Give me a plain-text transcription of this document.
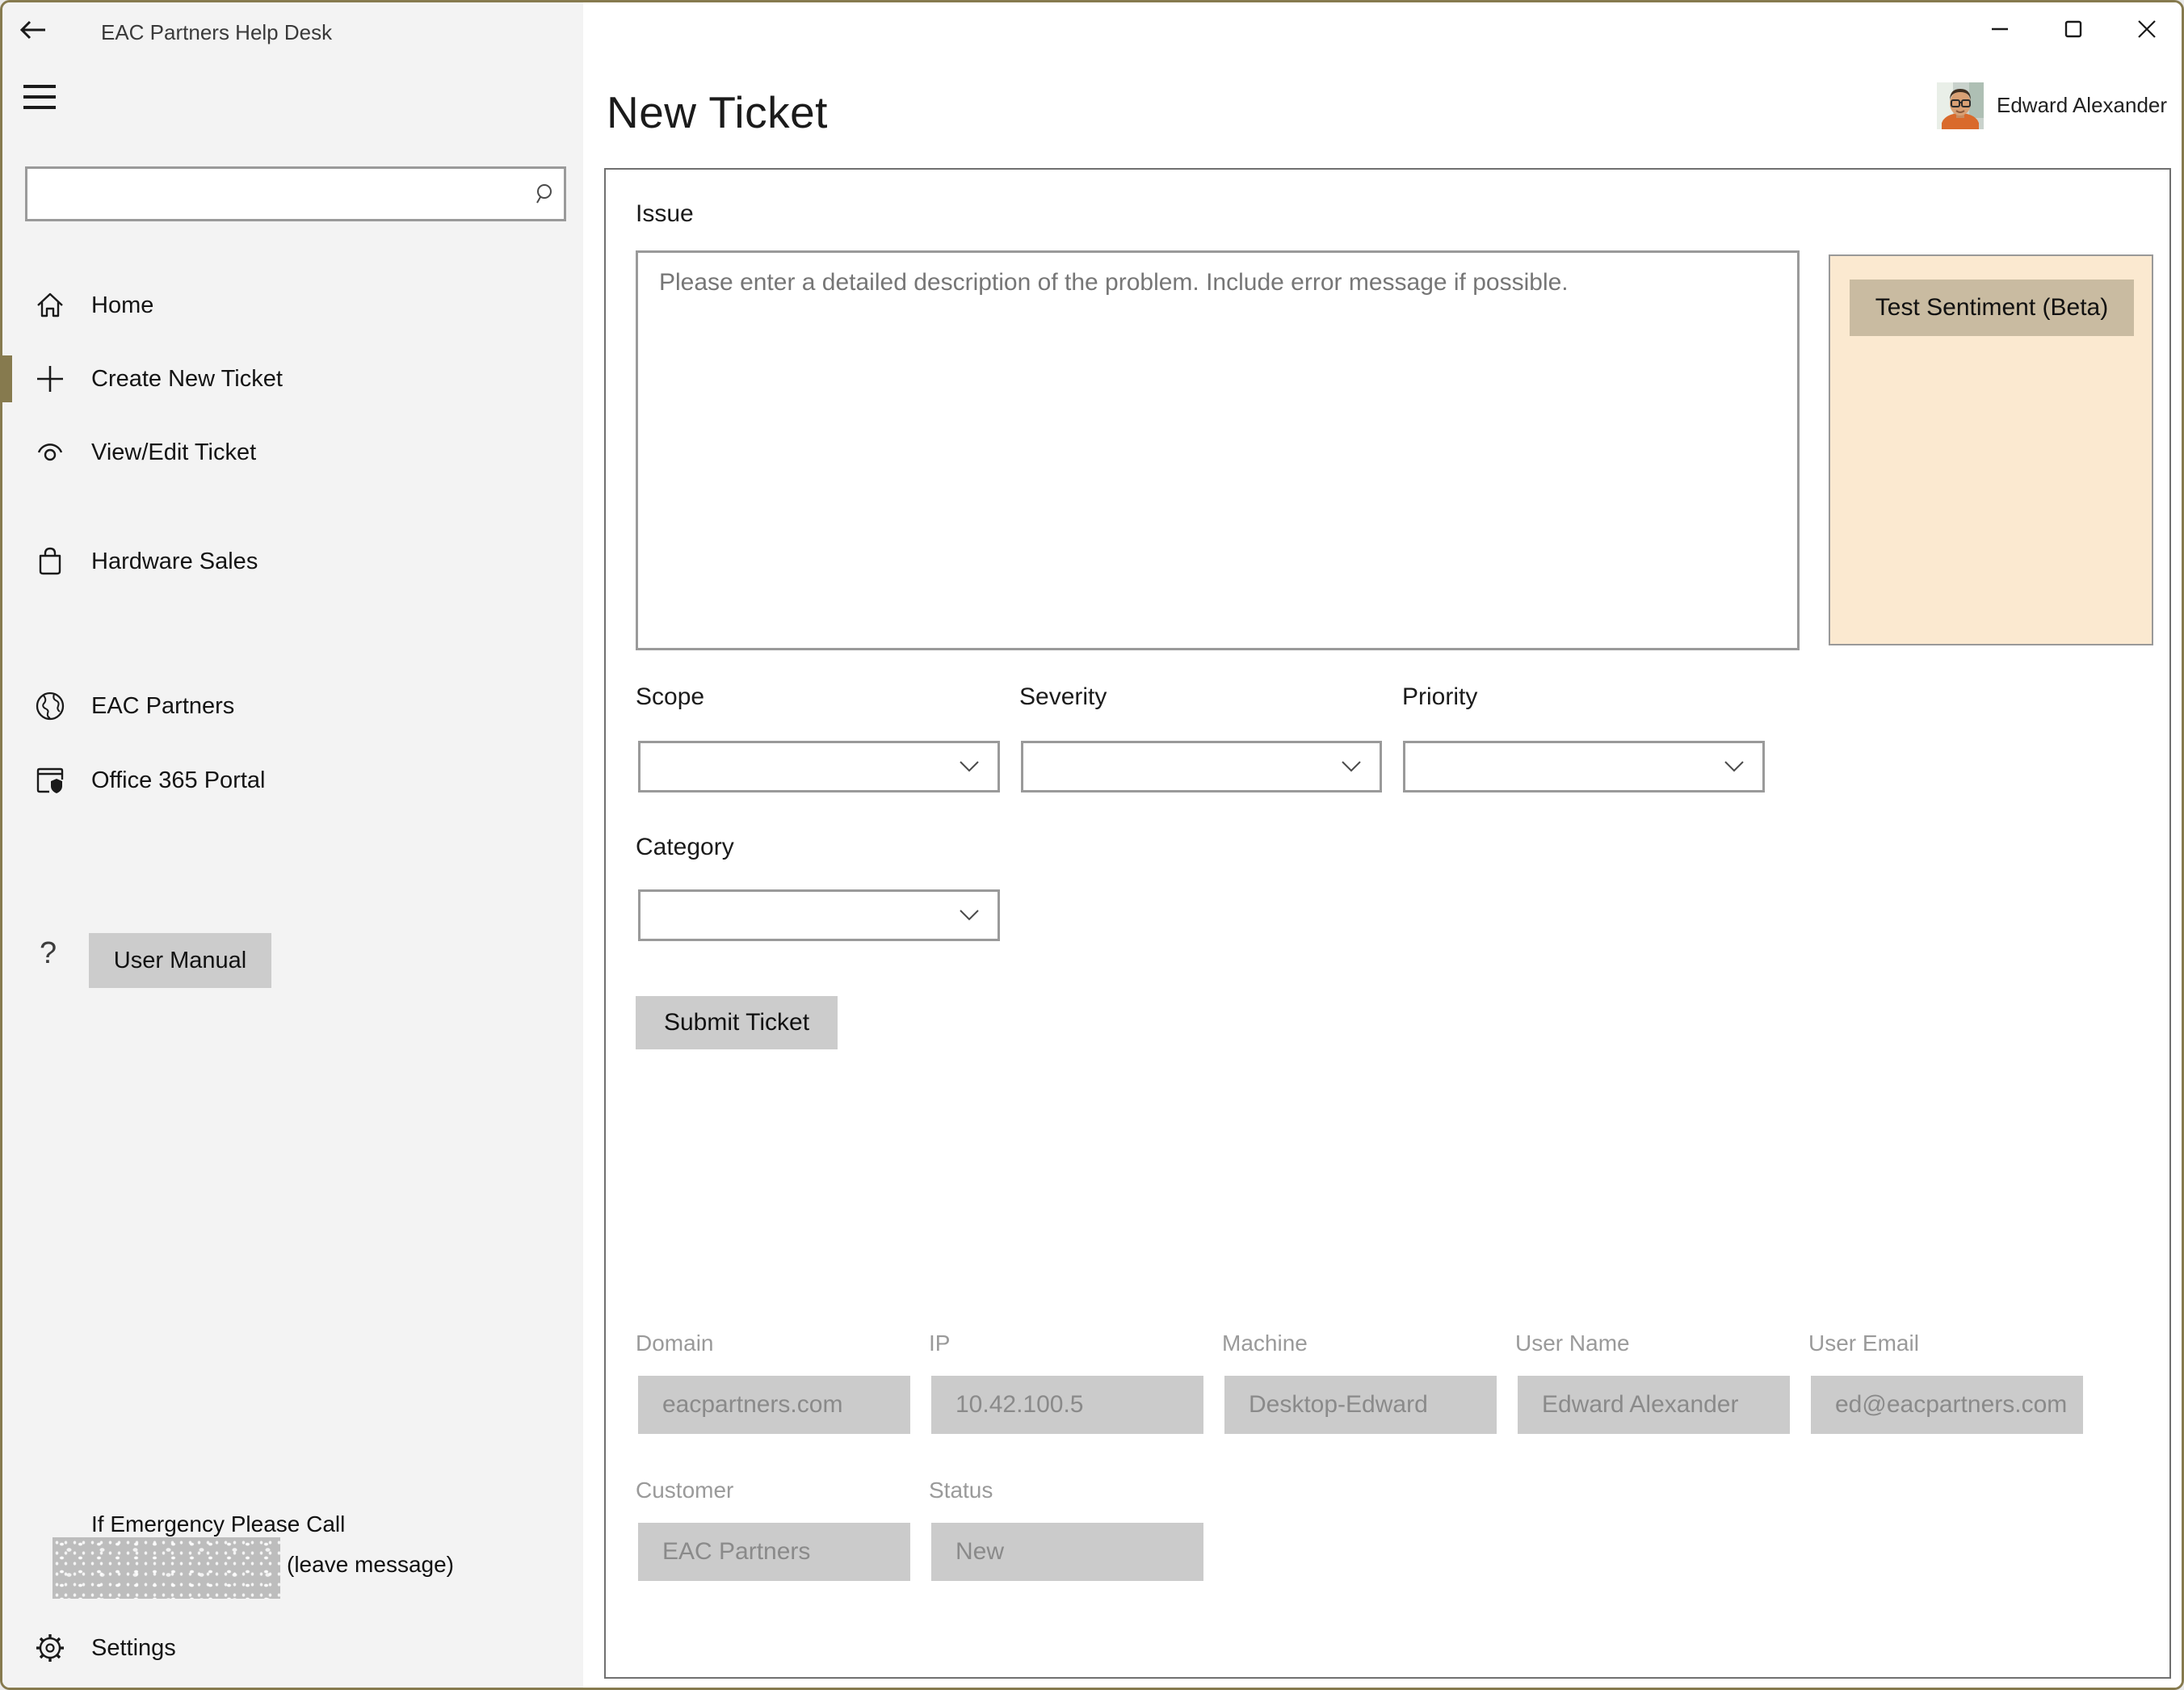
EAC Partners Help Desk
Home
Create New Ticket
View/Edit Ticket
Hardware Sales
EAC Partners
Office 365 Portal
? User Manual
If Emergency Please Call
(leave message)
Settings
New Ticket	Edward Alexander
Issue
Please enter a detailed description of the problem. Include error message if possible.
Test Sentiment (Beta)
Scope	Severity	Priority
Category
Submit Ticket
Domain	IP	Machine	User Name	User Email
eacpartners.com	10.42.100.5	Desktop-Edward	Edward Alexander	ed@eacpartners.com
Customer	Status
EAC Partners	New
